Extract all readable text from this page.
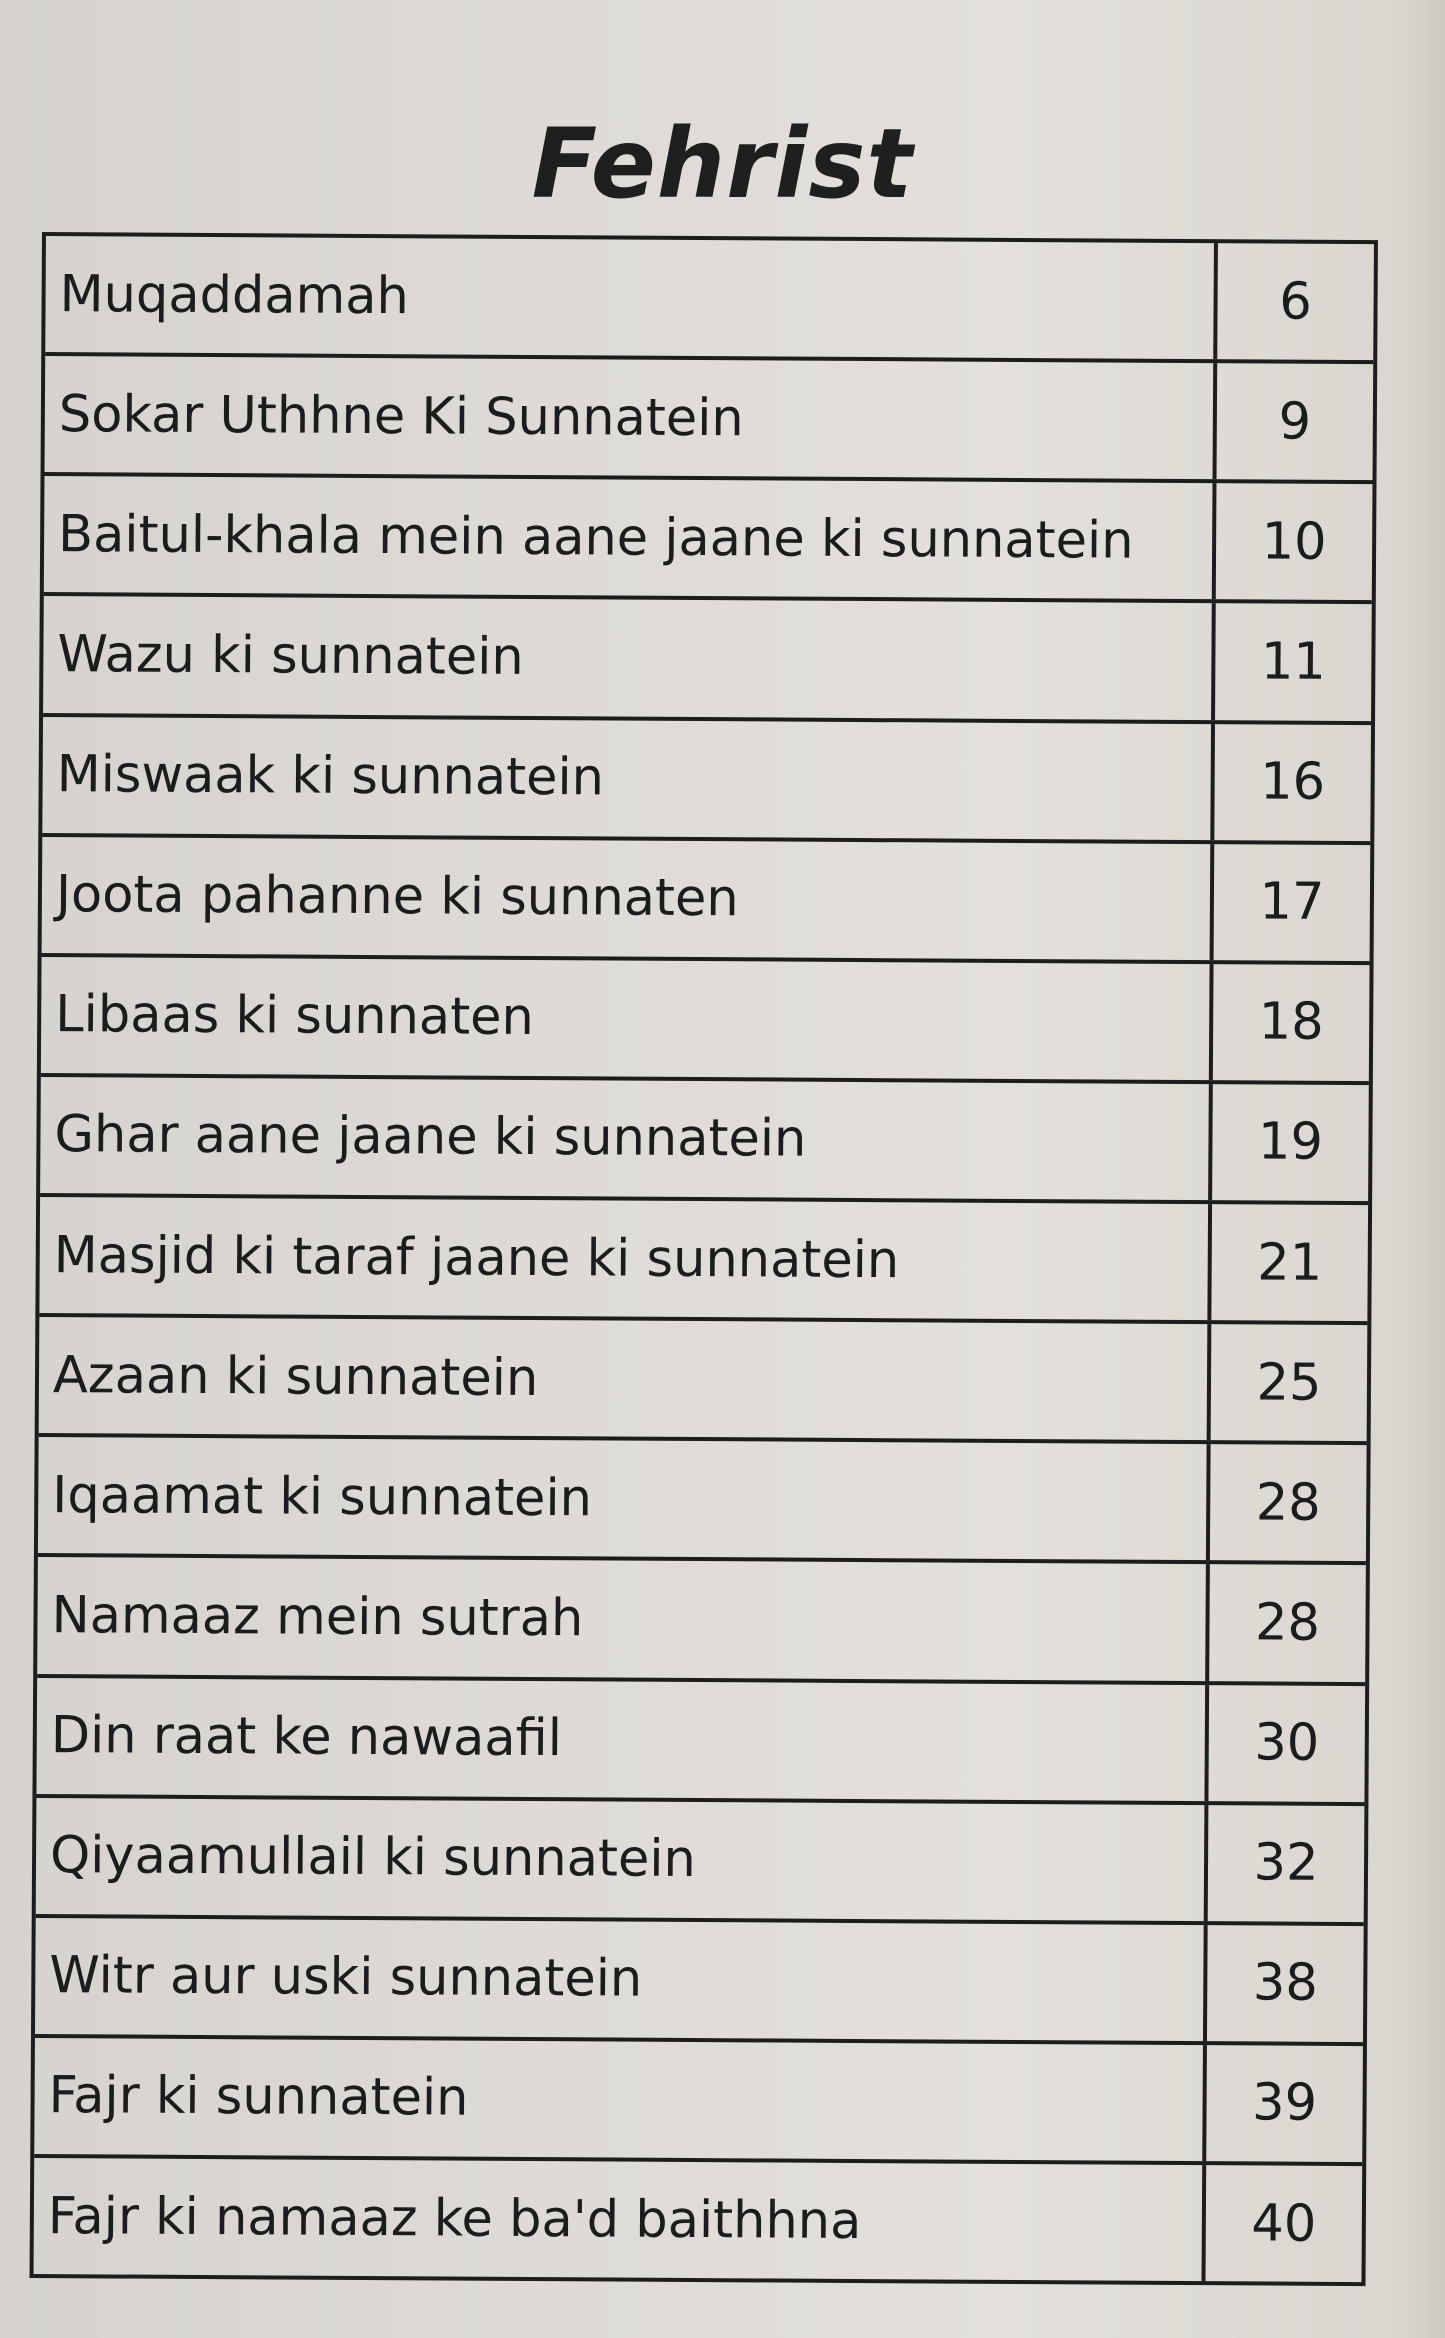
Fehrist
Muqaddamah	6
Sokar Uthhne Ki Sunnatein	9
Baitul-khala mein aane jaane ki sunnatein	10
Wazu ki sunnatein	11
Miswaak ki sunnatein	16
Joota pahanne ki sunnaten	17
Libaas ki sunnaten	18
Ghar aane jaane ki sunnatein	19
Masjid ki taraf jaane ki sunnatein	21
Azaan ki sunnatein	25
Iqaamat ki sunnatein	28
Namaaz mein sutrah	28
Din raat ke nawaafil	30
Qiyaamullail ki sunnatein	32
Witr aur uski sunnatein	38
Fajr ki sunnatein	39
Fajr ki namaaz ke ba'd baithhna	40
